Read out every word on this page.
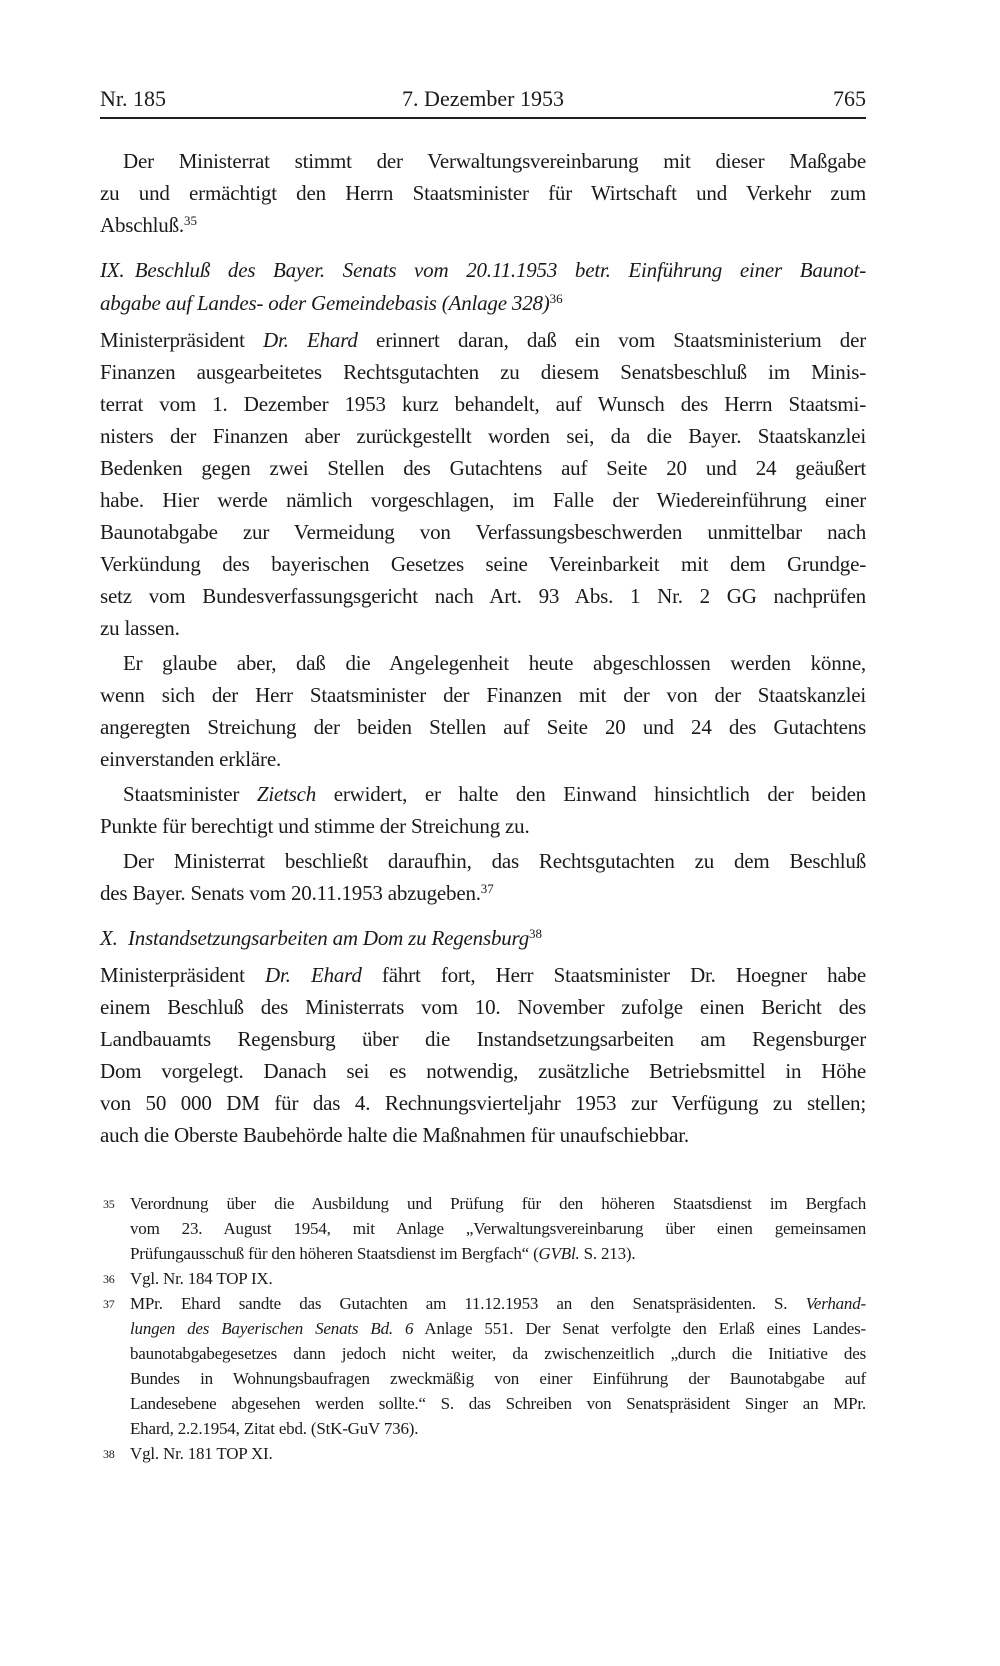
Nr. 185	7. Dezember 1953	765
Der Ministerrat stimmt der Verwaltungsvereinbarung mit dieser Maßgabe
zu und ermächtigt den Herrn Staatsminister für Wirtschaft und Verkehr zum
Abschluß.$^{35}$
IX. Beschluß des Bayer. Senats vom 20.11.1953 betr. Einführung einer Baunot-
abgabe auf Landes- oder Gemeindebasis (Anlage 328)$^{36}$
Ministerpräsident Dr. Ehard erinnert daran, daß ein vom Staatsministerium der
Finanzen ausgearbeitetes Rechtsgutachten zu diesem Senatsbeschluß im Minis-
terrat vom 1. Dezember 1953 kurz behandelt, auf Wunsch des Herrn Staatsmi-
nisters der Finanzen aber zurückgestellt worden sei, da die Bayer. Staatskanzlei
Bedenken gegen zwei Stellen des Gutachtens auf Seite 20 und 24 geäußert
habe. Hier werde nämlich vorgeschlagen, im Falle der Wiedereinführung einer
Baunotabgabe zur Vermeidung von Verfassungsbeschwerden unmittelbar nach
Verkündung des bayerischen Gesetzes seine Vereinbarkeit mit dem Grundge-
setz vom Bundesverfassungsgericht nach Art. 93 Abs. 1 Nr. 2 GG nachprüfen
zu lassen.
Er glaube aber, daß die Angelegenheit heute abgeschlossen werden könne,
wenn sich der Herr Staatsminister der Finanzen mit der von der Staatskanzlei
angeregten Streichung der beiden Stellen auf Seite 20 und 24 des Gutachtens
einverstanden erkläre.
Staatsminister Zietsch erwidert, er halte den Einwand hinsichtlich der beiden
Punkte für berechtigt und stimme der Streichung zu.
Der Ministerrat beschließt daraufhin, das Rechtsgutachten zu dem Beschluß
des Bayer. Senats vom 20.11.1953 abzugeben.$^{37}$
X. Instandsetzungsarbeiten am Dom zu Regensburg$^{38}$
Ministerpräsident Dr. Ehard fährt fort, Herr Staatsminister Dr. Hoegner habe
einem Beschluß des Ministerrats vom 10. November zufolge einen Bericht des
Landbauamts Regensburg über die Instandsetzungsarbeiten am Regensburger
Dom vorgelegt. Danach sei es notwendig, zusätzliche Betriebsmittel in Höhe
von 50 000 DM für das 4. Rechnungsvierteljahr 1953 zur Verfügung zu stellen;
auch die Oberste Baubehörde halte die Maßnahmen für unaufschiebbar.
35 Verordnung über die Ausbildung und Prüfung für den höheren Staatsdienst im Bergfach
vom 23. August 1954, mit Anlage „Verwaltungsvereinbarung über einen gemeinsamen
Prüfungausschuß für den höheren Staatsdienst im Bergfach“ (GVBl. S. 213).
36 Vgl. Nr. 184 TOP IX.
37 MPr. Ehard sandte das Gutachten am 11.12.1953 an den Senatspräsidenten. S. Verhand-
lungen des Bayerischen Senats Bd. 6 Anlage 551. Der Senat verfolgte den Erlaß eines Landes-
baunotabgabegesetzes dann jedoch nicht weiter, da zwischenzeitlich „durch die Initiative des
Bundes in Wohnungsbaufragen zweckmäßig von einer Einführung der Baunotabgabe auf
Landesebene abgesehen werden sollte.“ S. das Schreiben von Senatspräsident Singer an MPr.
Ehard, 2.2.1954, Zitat ebd. (StK-GuV 736).
38 Vgl. Nr. 181 TOP XI.
